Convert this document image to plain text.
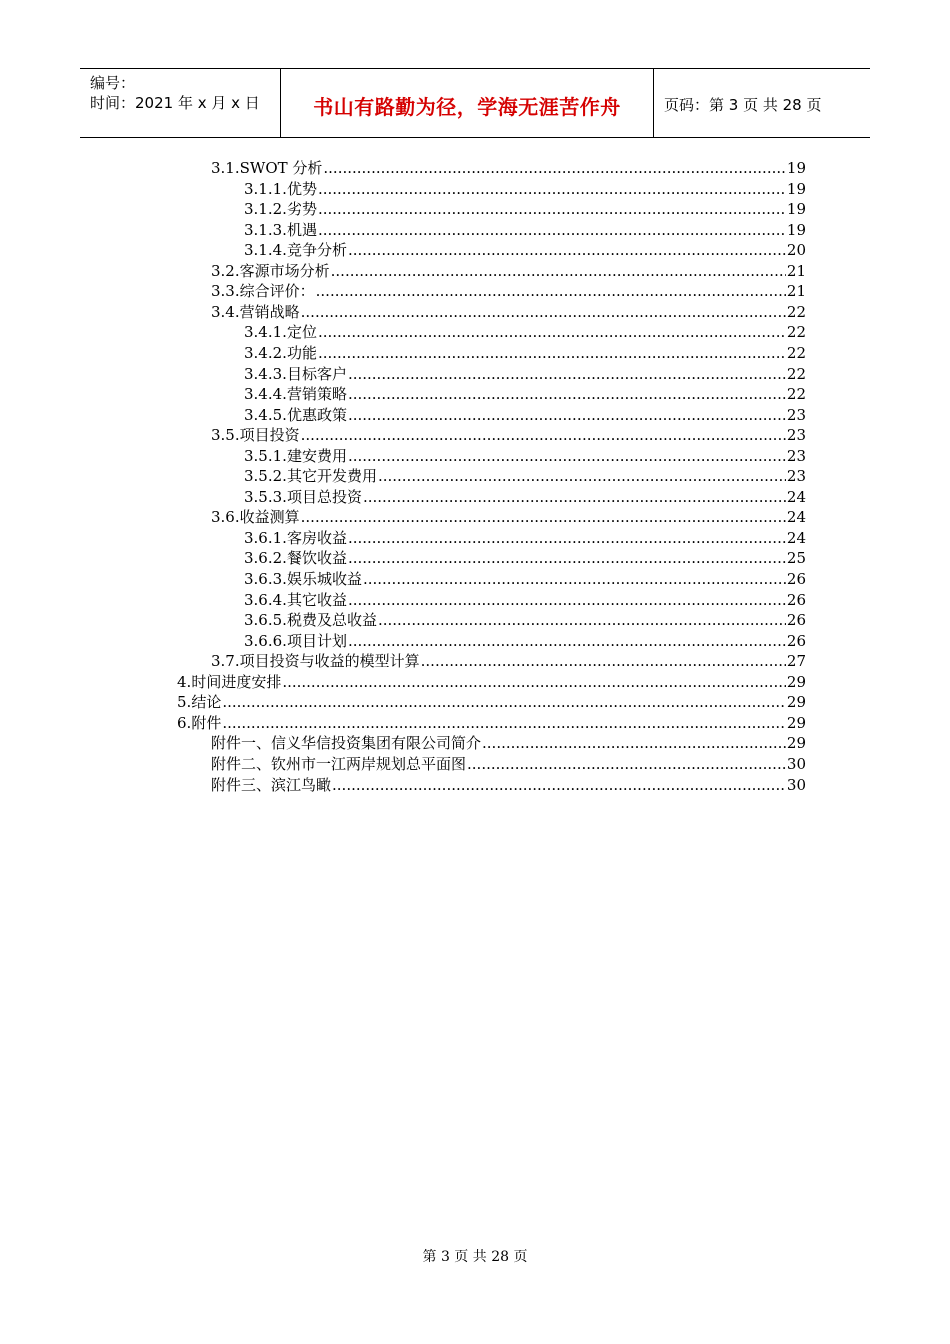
编号：
时间：2021 年 x 月 x 日	书山有路勤为径，学海无涯苦作舟	页码：第 3 页 共 28 页
3.1. SWOT 分析 .....	19
3.1.1. 优势 .....	19
3.1.2. 劣势 .....	19
3.1.3. 机遇 .....	19
3.1.4. 竞争分析 .....	20
3.2. 客源市场分析 .....	21
3.3. 综合评价： .....	21
3.4. 营销战略 .....	22
3.4.1. 定位 .....	22
3.4.2. 功能 .....	22
3.4.3. 目标客户 .....	22
3.4.4. 营销策略 .....	22
3.4.5. 优惠政策 .....	23
3.5. 项目投资 .....	23
3.5.1. 建安费用 .....	23
3.5.2. 其它开发费用 .....	23
3.5.3. 项目总投资 .....	24
3.6. 收益测算 .....	24
3.6.1. 客房收益 .....	24
3.6.2. 餐饮收益 .....	25
3.6.3. 娱乐城收益 .....	26
3.6.4. 其它收益 .....	26
3.6.5. 税费及总收益 .....	26
3.6.6. 项目计划 .....	26
3.7. 项目投资与收益的模型计算 .....	27
4. 时间进度安排 .....	29
5. 结论 .....	29
6. 附件 .....	29
附件一、信义华信投资集团有限公司简介 .....	29
附件二、钦州市一江两岸规划总平面图 .....	30
附件三、滨江鸟瞰 .....	30
第 3 页 共 28 页
